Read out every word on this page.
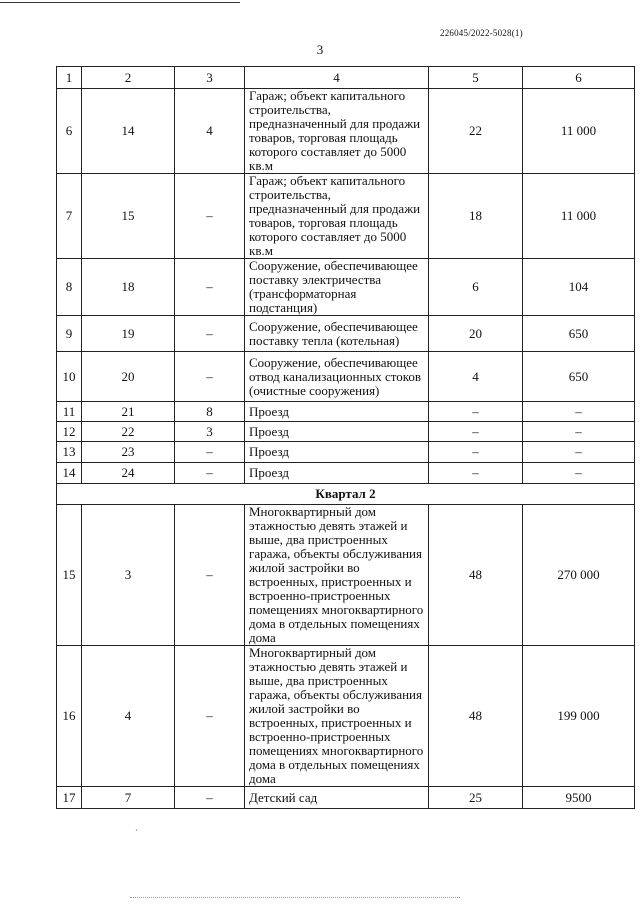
226045/2022-5028(1)
3
1	2	3	4	5	6
6	14	4	Гараж; объект капитального строительства, предназначенный для продажи товаров, торговая площадь которого составляет до 5000 кв.м	22	11 000
7	15	–	Гараж; объект капитального строительства, предназначенный для продажи товаров, торговая площадь которого составляет до 5000 кв.м	18	11 000
8	18	–	Сооружение, обеспечивающее поставку электричества (трансформаторная подстанция)	6	104
9	19	–	Сооружение, обеспечивающее поставку тепла (котельная)	20	650
10	20	–	Сооружение, обеспечивающее отвод канализационных стоков (очистные сооружения)	4	650
11	21	8	Проезд	–	–
12	22	3	Проезд	–	–
13	23	–	Проезд	–	–
14	24	–	Проезд	–	–
Квартал 2					
15	3	–	Многоквартирный дом этажностью девять этажей и выше, два пристроенных гаража, объекты обслуживания жилой застройки во встроенных, пристроенных и встроенно-пристроенных помещениях многоквартирного дома в отдельных помещениях дома	48	270 000
16	4	–	Многоквартирный дом этажностью девять этажей и выше, два пристроенных гаража, объекты обслуживания жилой застройки во встроенных, пристроенных и встроенно-пристроенных помещениях многоквартирного дома в отдельных помещениях дома	48	199 000
17	7	–	Детский сад	25	9500
·
